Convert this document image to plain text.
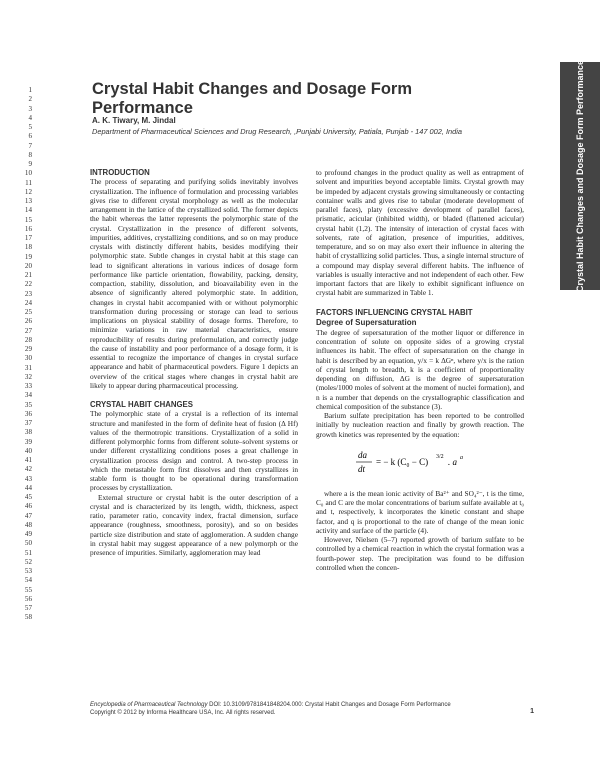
1
2
3
4
5
6
7
8
9
10
11
12
13
14
15
16
17
18
19
20
21
22
23
24
25
26
27
28
29
30
31
32
33
34
35
36
37
38
39
40
41
42
43
44
45
46
47
48
49
50
51
52
53
54
55
56
57
58
Crystal Habit Changes and Dosage Form Performance
Crystal Habit Changes and Dosage Form Performance
A. K. Tiwary, M. Jindal
Department of Pharmaceutical Sciences and Drug Research, ,Punjabi University, Patiala, Punjab - 147 002, India
INTRODUCTION

The process of separating and purifying solids inevitably involves crystallization. The influence of formulation and processing variables gives rise to different crystal morphology as well as the molecular arrangement in the lattice of the crystallized solid. The former depicts the habit whereas the latter represents the polymorphic state of the crystal. Crystallization in the presence of different solvents, impurities, additives, crystallizing conditions, and so on may produce crystals with distinctly different habits, besides modifying their polymorphic state. Subtle changes in crystal habit at this stage can lead to significant alterations in various indices of dosage form performance like particle orientation, flowability, packing, density, compaction, stability, dissolution, and bioavailability even in the absence of significantly altered polymorphic state. In addition, changes in crystal habit accompanied with or without polymorphic transformation during processing or storage can lead to serious implications on physical stability of dosage forms. Therefore, to minimize variations in raw material characteristics, ensure reproducibility of results during preformulation, and correctly judge the cause of instability and poor performance of a dosage form, it is essential to recognize the importance of changes in crystal surface appearance and habit of pharmaceutical powders. Figure 1 depicts an overview of the critical stages where changes in crystal habit are likely to appear during pharmaceutical processing.

CRYSTAL HABIT CHANGES

The polymorphic state of a crystal is a reflection of its internal structure and manifested in the form of definite heat of fusion (Δ Hf) values of the thermotropic transitions. Crystallization of a solid in different polymorphic forms from different solute–solvent systems or under different crystallizing conditions poses a great challenge in crystallization process design and control. A two-step process in which the metastable form first dissolves and then crystallizes in stable form is thought to be operational during transformation processes by crystallization.

External structure or crystal habit is the outer description of a crystal and is characterized by its length, width, thickness, aspect ratio, parameter ratio, concavity index, fractal dimension, surface appearance (roughness, smoothness, porosity), and so on besides particle size distribution and state of agglomeration. A sudden change in crystal habit may suggest appearance of a new polymorph or the presence of impurities. Similarly, agglomeration may lead

to profound changes in the product quality as well as entrapment of solvent and impurities beyond acceptable limits. Crystal growth may be impeded by adjacent crystals growing simultaneously or contacting container walls and gives rise to tabular (moderate development of parallel faces), platy (excessive development of parallel faces), prismatic, acicular (inhibited width), or bladed (flattened acicular) crystal habit (1,2). The intensity of interaction of crystal faces with solvents, rate of agitation, presence of impurities, additives, temperature, and so on may also exert their influence in altering the habit of crystallizing solid particles. Thus, a single internal structure of a compound may display several different habits. The influence of variables is usually interactive and not independent of each other. Few important factors that are likely to exhibit significant influence on crystal habit are summarized in Table 1.

FACTORS INFLUENCING CRYSTAL HABIT
Degree of Supersaturation

The degree of supersaturation of the mother liquor or difference in concentration of solute on opposite sides of a growing crystal influences its habit. The effect of supersaturation on the change in habit is described by an equation, y/x = k ΔGⁿ, where y/x is the ration of crystal length to breadth, k is a coefficient of proportionality depending on diffusion, ΔG is the degree of supersaturation (moles/1000 moles of solvent at the moment of nuclei formation), and n is a number that depends on the crystallographic classification and chemical composition of the substance (3).

Barium sulfate precipitation has been reported to be controlled initially by nucleation reaction and finally by growth reaction. The growth kinetics was represented by the equation:

da
dt
= − k (C₀ − C) 3/2 . a a

where a is the mean ionic activity of Ba²⁺ and SO₄²⁻, t is the time, C₀ and C are the molar concentrations of barium sulfate available at t₀ and t, respectively, k incorporates the kinetic constant and shape factor, and q is proportional to the rate of change of the mean ionic activity and surface of the particle (4).

However, Nielsen (5–7) reported growth of barium sulfate to be controlled by a chemical reaction in which the crystal formation was a fourth-power step. The precipitation was found to be diffusion controlled when the concen-

Encyclopedia of Pharmaceutical Technology DOI: 10.3109/9781841848204.000: Crystal Habit Changes and Dosage Form Performance
Copyright © 2012 by Informa Healthcare USA, Inc. All rights reserved.	1
